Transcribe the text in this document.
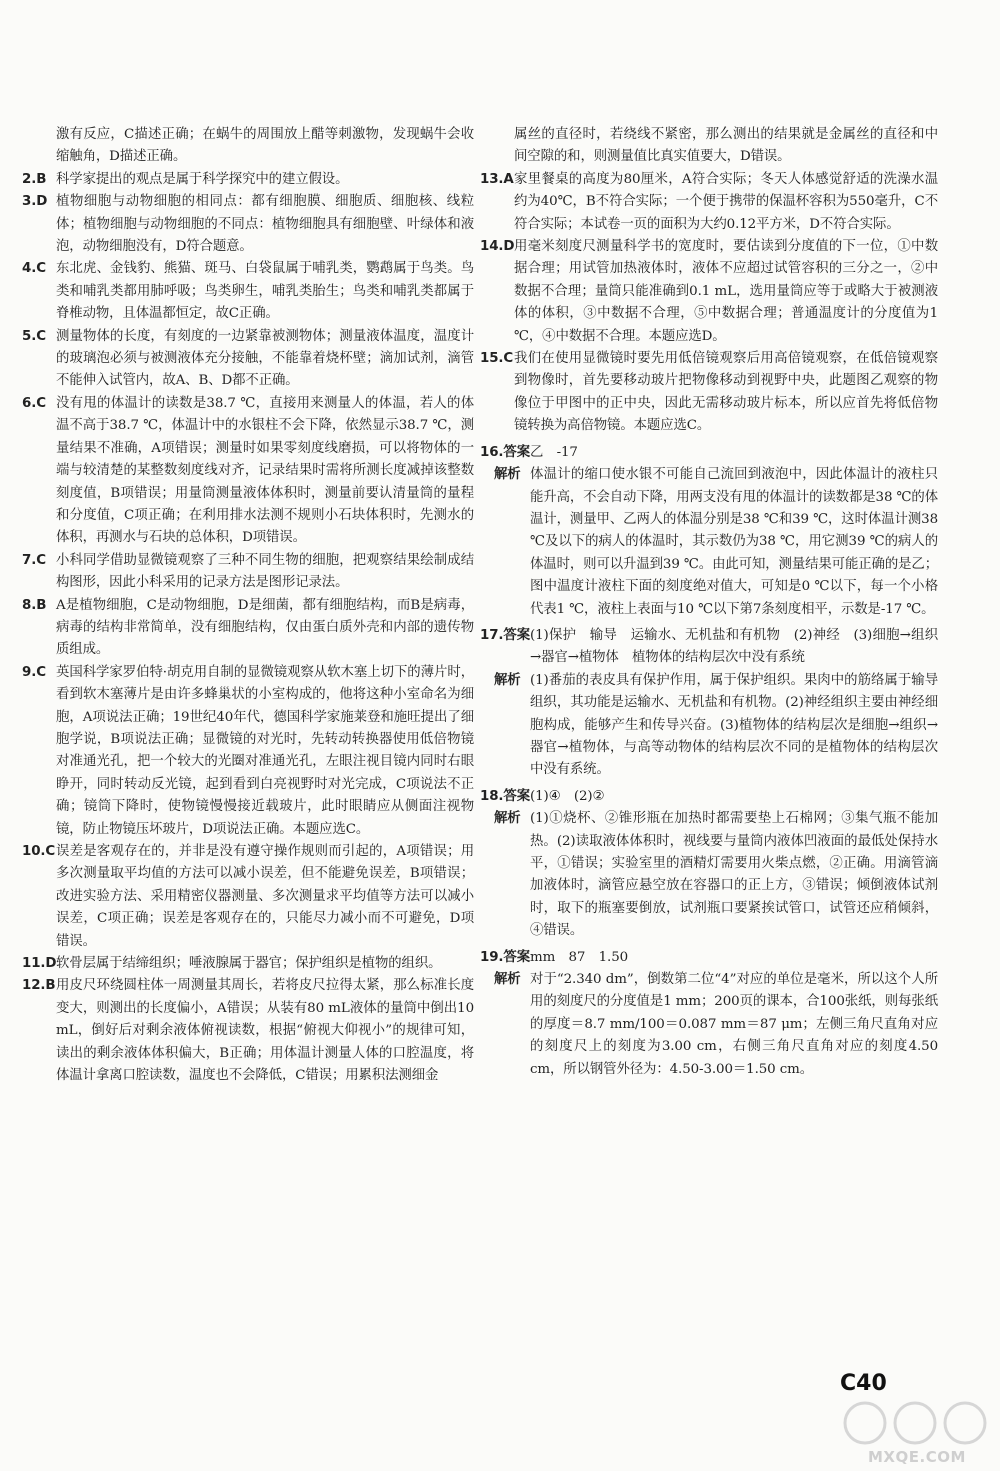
激有反应，C描述正确；在蜗牛的周围放上醋等刺激物，发现蜗牛会收缩触角，D描述正确。
2.B 科学家提出的观点是属于科学探究中的建立假设。
3.D 植物细胞与动物细胞的相同点：都有细胞膜、细胞质、细胞核、线粒体；植物细胞与动物细胞的不同点：植物细胞具有细胞壁、叶绿体和液泡，动物细胞没有，D符合题意。
4.C 东北虎、金钱豹、熊猫、斑马、白袋鼠属于哺乳类，鹦鹉属于鸟类。鸟类和哺乳类都用肺呼吸；鸟类卵生，哺乳类胎生；鸟类和哺乳类都属于脊椎动物，且体温都恒定，故C正确。
5.C 测量物体的长度，有刻度的一边紧靠被测物体；测量液体温度，温度计的玻璃泡必须与被测液体充分接触，不能靠着烧杯壁；滴加试剂，滴管不能伸入试管内，故A、B、D都不正确。
6.C 没有甩的体温计的读数是38.7 ℃，直接用来测量人的体温，若人的体温不高于38.7 ℃，体温计中的水银柱不会下降，依然显示38.7 ℃，测量结果不准确，A项错误；测量时如果零刻度线磨损，可以将物体的一端与较清楚的某整数刻度线对齐，记录结果时需将所测长度减掉该整数刻度值，B项错误；用量筒测量液体体积时，测量前要认清量筒的量程和分度值，C项正确；在利用排水法测不规则小石块体积时，先测水的体积，再测水与石块的总体积，D项错误。
7.C 小科同学借助显微镜观察了三种不同生物的细胞，把观察结果绘制成结构图形，因此小科采用的记录方法是图形记录法。
8.B A是植物细胞，C是动物细胞，D是细菌，都有细胞结构，而B是病毒，病毒的结构非常简单，没有细胞结构，仅由蛋白质外壳和内部的遗传物质组成。
9.C 英国科学家罗伯特·胡克用自制的显微镜观察从软木塞上切下的薄片时，看到软木塞薄片是由许多蜂巢状的小室构成的，他将这种小室命名为细胞，A项说法正确；19世纪40年代，德国科学家施莱登和施旺提出了细胞学说，B项说法正确；显微镜的对光时，先转动转换器使用低倍物镜对准通光孔，把一个较大的光圈对准通光孔，左眼注视目镜内同时右眼睁开，同时转动反光镜，起到看到白亮视野时对光完成，C项说法不正确；镜筒下降时，使物镜慢慢接近载玻片，此时眼睛应从侧面注视物镜，防止物镜压坏玻片，D项说法正确。本题应选C。
10.C 误差是客观存在的，并非是没有遵守操作规则而引起的，A项错误；用多次测量取平均值的方法可以减小误差，但不能避免误差，B项错误；改进实验方法、采用精密仪器测量、多次测量求平均值等方法可以减小误差，C项正确；误差是客观存在的，只能尽力减小而不可避免，D项错误。
11.D 软骨层属于结缔组织；唾液腺属于器官；保护组织是植物的组织。
12.B 用皮尺环绕圆柱体一周测量其周长，若将皮尺拉得太紧，那么标准长度变大，则测出的长度偏小，A错误；从装有80 mL液体的量筒中倒出10 mL，倒好后对剩余液体俯视读数，根据“俯视大仰视小”的规律可知，读出的剩余液体体积偏大，B正确；用体温计测量人体的口腔温度，将体温计拿离口腔读数，温度也不会降低，C错误；用累积法测细金
属丝的直径时，若绕线不紧密，那么测出的结果就是金属丝的直径和中间空隙的和，则测量值比真实值要大，D错误。
13.A 家里餐桌的高度为80厘米，A符合实际；冬天人体感觉舒适的洗澡水温约为40℃，B不符合实际；一个便于携带的保温杯容积为550毫升，C不符合实际；本试卷一页的面积为大约0.12平方米，D不符合实际。
14.D 用毫米刻度尺测量科学书的宽度时，要估读到分度值的下一位，①中数据合理；用试管加热液体时，液体不应超过试管容积的三分之一，②中数据不合理；量筒只能准确到0.1 mL，选用量筒应等于或略大于被测液体的体积，③中数据不合理，⑤中数据合理；普通温度计的分度值为1 ℃，④中数据不合理。本题应选D。
15.C 我们在使用显微镜时要先用低倍镜观察后用高倍镜观察，在低倍镜观察到物像时，首先要移动玻片把物像移动到视野中央，此题图乙观察的物像位于甲图中的正中央，因此无需移动玻片标本，所以应首先将低倍物镜转换为高倍物镜。本题应选C。
16.答案 乙　-17
解析 体温计的缩口使水银不可能自己流回到液泡中，因此体温计的液柱只能升高，不会自动下降，用两支没有甩的体温计的读数都是38 ℃的体温计，测量甲、乙两人的体温分别是38 ℃和39 ℃，这时体温计测38 ℃及以下的病人的体温时，其示数仍为38 ℃，用它测39 ℃的病人的体温时，则可以升温到39 ℃。由此可知，测量结果可能正确的是乙；图中温度计液柱下面的刻度绝对值大，可知是0 ℃以下，每一个小格代表1 ℃，液柱上表面与10 ℃以下第7条刻度相平，示数是-17 ℃。
17.答案 (1)保护　输导　运输水、无机盐和有机物　(2)神经　(3)细胞→组织→器官→植物体　植物体的结构层次中没有系统
解析 (1)番茄的表皮具有保护作用，属于保护组织。果肉中的筋络属于输导组织，其功能是运输水、无机盐和有机物。(2)神经组织主要由神经细胞构成，能够产生和传导兴奋。(3)植物体的结构层次是细胞→组织→器官→植物体，与高等动物体的结构层次不同的是植物体的结构层次中没有系统。
18.答案 (1)④　(2)②
解析 (1)①烧杯、②锥形瓶在加热时都需要垫上石棉网；③集气瓶不能加热。(2)读取液体体积时，视线要与量筒内液体凹液面的最低处保持水平，①错误；实验室里的酒精灯需要用火柴点燃，②正确。用滴管滴加液体时，滴管应悬空放在容器口的正上方，③错误；倾倒液体试剂时，取下的瓶塞要倒放，试剂瓶口要紧挨试管口，试管还应稍倾斜，④错误。
19.答案 mm　87　1.50
解析 对于“2.340 dm”，倒数第二位“4”对应的单位是毫米，所以这个人所用的刻度尺的分度值是1 mm；200页的课本，合100张纸，则每张纸的厚度＝8.7 mm/100＝0.087 mm＝87 μm；左侧三角尺直角对应的刻度尺上的刻度为3.00 cm，右侧三角尺直角对应的刻度4.50 cm，所以钢管外径为：4.50-3.00＝1.50 cm。
C40
MXQE.COM
